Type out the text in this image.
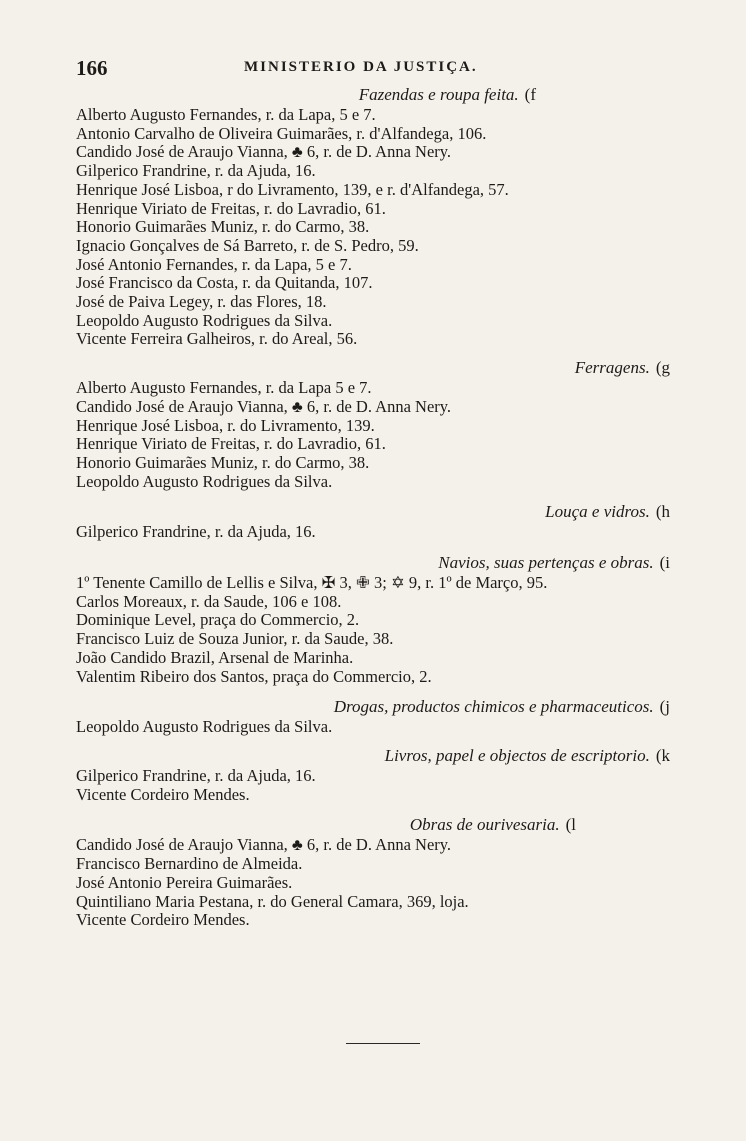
166	MINISTERIO DA JUSTIÇA.
Fazendas e roupa feita. (f
Alberto Augusto Fernandes, r. da Lapa, 5 e 7.
Antonio Carvalho de Oliveira Guimarães, r. d'Alfandega, 106.
Candido José de Araujo Vianna, ♣ 6, r. de D. Anna Nery.
Gilperico Frandrine, r. da Ajuda, 16.
Henrique José Lisboa, r do Livramento, 139, e r. d'Alfandega, 57.
Henrique Viriato de Freitas, r. do Lavradio, 61.
Honorio Guimarães Muniz, r. do Carmo, 38.
Ignacio Gonçalves de Sá Barreto, r. de S. Pedro, 59.
José Antonio Fernandes, r. da Lapa, 5 e 7.
José Francisco da Costa, r. da Quitanda, 107.
José de Paiva Legey, r. das Flores, 18.
Leopoldo Augusto Rodrigues da Silva.
Vicente Ferreira Galheiros, r. do Areal, 56.
Ferragens. (g
Alberto Augusto Fernandes, r. da Lapa 5 e 7.
Candido José de Araujo Vianna, ♣ 6, r. de D. Anna Nery.
Henrique José Lisboa, r. do Livramento, 139.
Henrique Viriato de Freitas, r. do Lavradio, 61.
Honorio Guimarães Muniz, r. do Carmo, 38.
Leopoldo Augusto Rodrigues da Silva.
Louça e vidros. (h
Gilperico Frandrine, r. da Ajuda, 16.
Navios, suas pertenças e obras. (i
1º Tenente Camillo de Lellis e Silva, ✠ 3, ✙ 3; ✡ 9, r. 1º de Março, 95.
Carlos Moreaux, r. da Saude, 106 e 108.
Dominique Level, praça do Commercio, 2.
Francisco Luiz de Souza Junior, r. da Saude, 38.
João Candido Brazil, Arsenal de Marinha.
Valentim Ribeiro dos Santos, praça do Commercio, 2.
Drogas, productos chimicos e pharmaceuticos. (j
Leopoldo Augusto Rodrigues da Silva.
Livros, papel e objectos de escriptorio. (k
Gilperico Frandrine, r. da Ajuda, 16.
Vicente Cordeiro Mendes.
Obras de ourivesaria. (l
Candido José de Araujo Vianna, ♣ 6, r. de D. Anna Nery.
Francisco Bernardino de Almeida.
José Antonio Pereira Guimarães.
Quintiliano Maria Pestana, r. do General Camara, 369, loja.
Vicente Cordeiro Mendes.
